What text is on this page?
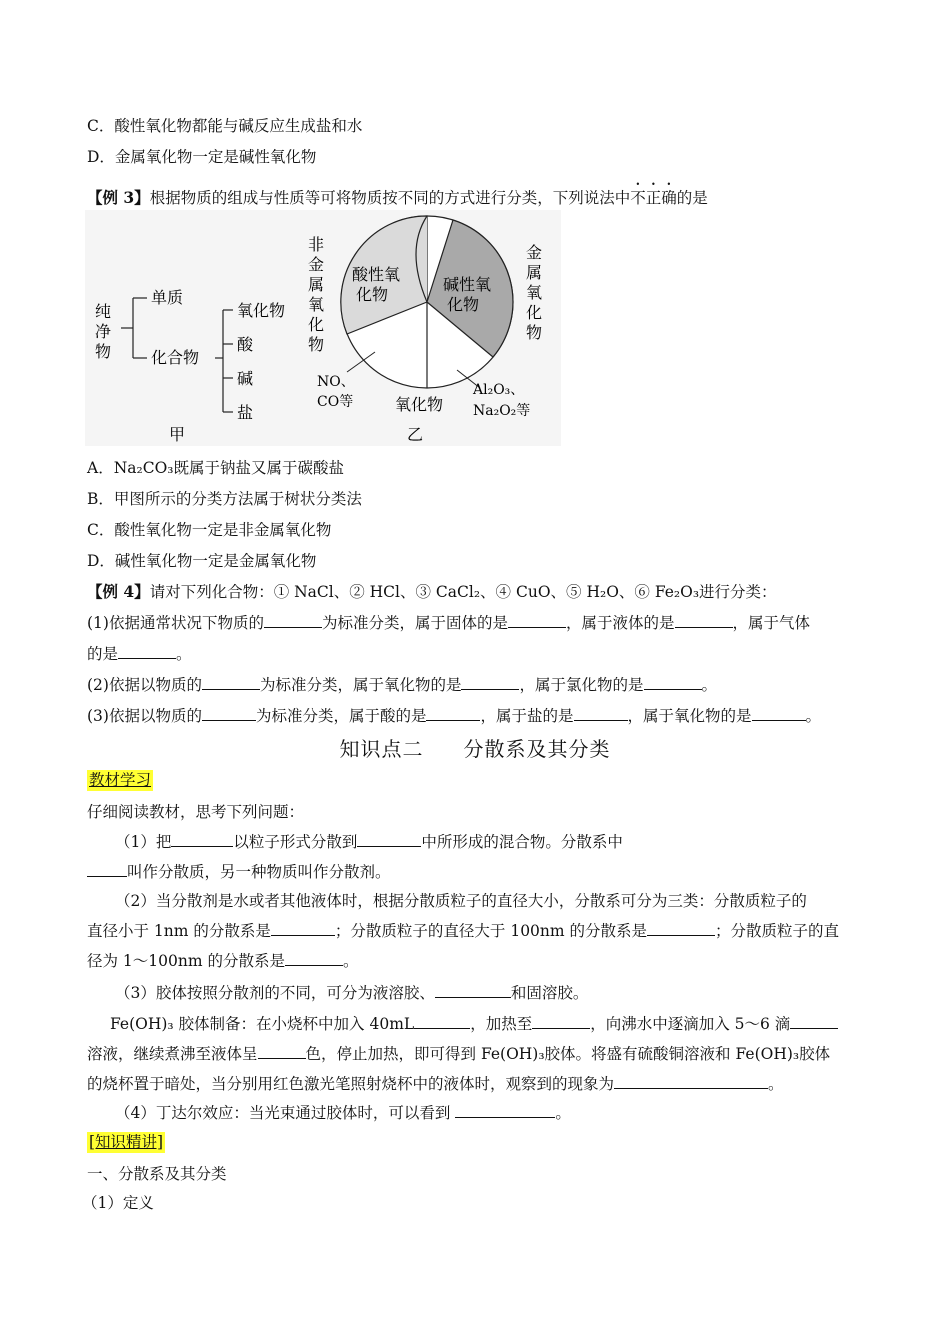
C．酸性氧化物都能与碱反应生成盐和水
D．金属氧化物一定是碱性氧化物
【例 3】根据物质的组成与性质等可将物质按不同的方式进行分类，下列说法中不正确的是
纯
净
物
单质
化合物
氧化物
酸
碱
盐
甲
非
金
属
氧
化
物
酸性氧
化物
碱性氧
化物
金
属
氧
化
物
NO、
CO等	氧化物
Al₂O₃、
Na₂O₂等
乙
A．Na₂CO₃既属于钠盐又属于碳酸盐
B．甲图所示的分类方法属于树状分类法
C．酸性氧化物一定是非金属氧化物
D．碱性氧化物一定是金属氧化物
【例 4】请对下列化合物：① NaCl、② HCl、③ CaCl₂、④ CuO、⑤ H₂O、⑥ Fe₂O₃进行分类：
(1)依据通常状况下物质的	为标准分类，属于固体的是	，属于液体的是	，属于气体
的是	。
(2)依据以物质的	为标准分类，属于氧化物的是	，属于氯化物的是	。
(3)依据以物质的	为标准分类，属于酸的是	，属于盐的是	，属于氧化物的是	。
知识点二 分散系及其分类
教材学习
仔细阅读教材，思考下列问题：
（1）把	以粒子形式分散到	中所形成的混合物。分散系中
叫作分散质，另一种物质叫作分散剂。
（2）当分散剂是水或者其他液体时，根据分散质粒子的直径大小，分散系可分为三类：分散质粒子的
直径小于 1nm 的分散系是	；分散质粒子的直径大于 100nm 的分散系是	；分散质粒子的直
径为 1～100nm 的分散系是	。
（3）胶体按照分散剂的不同，可分为液溶胶、	和固溶胶。
Fe(OH)₃ 胶体制备：在小烧杯中加入 40mL	，加热至	，向沸水中逐滴加入 5～6 滴
溶液，继续煮沸至液体呈	色，停止加热，即可得到 Fe(OH)₃胶体。将盛有硫酸铜溶液和 Fe(OH)₃胶体
的烧杯置于暗处，当分别用红色激光笔照射烧杯中的液体时，观察到的现象为	。
（4）丁达尔效应：当光束通过胶体时，可以看到	。
[知识精讲]
一、分散系及其分类
（1）定义
